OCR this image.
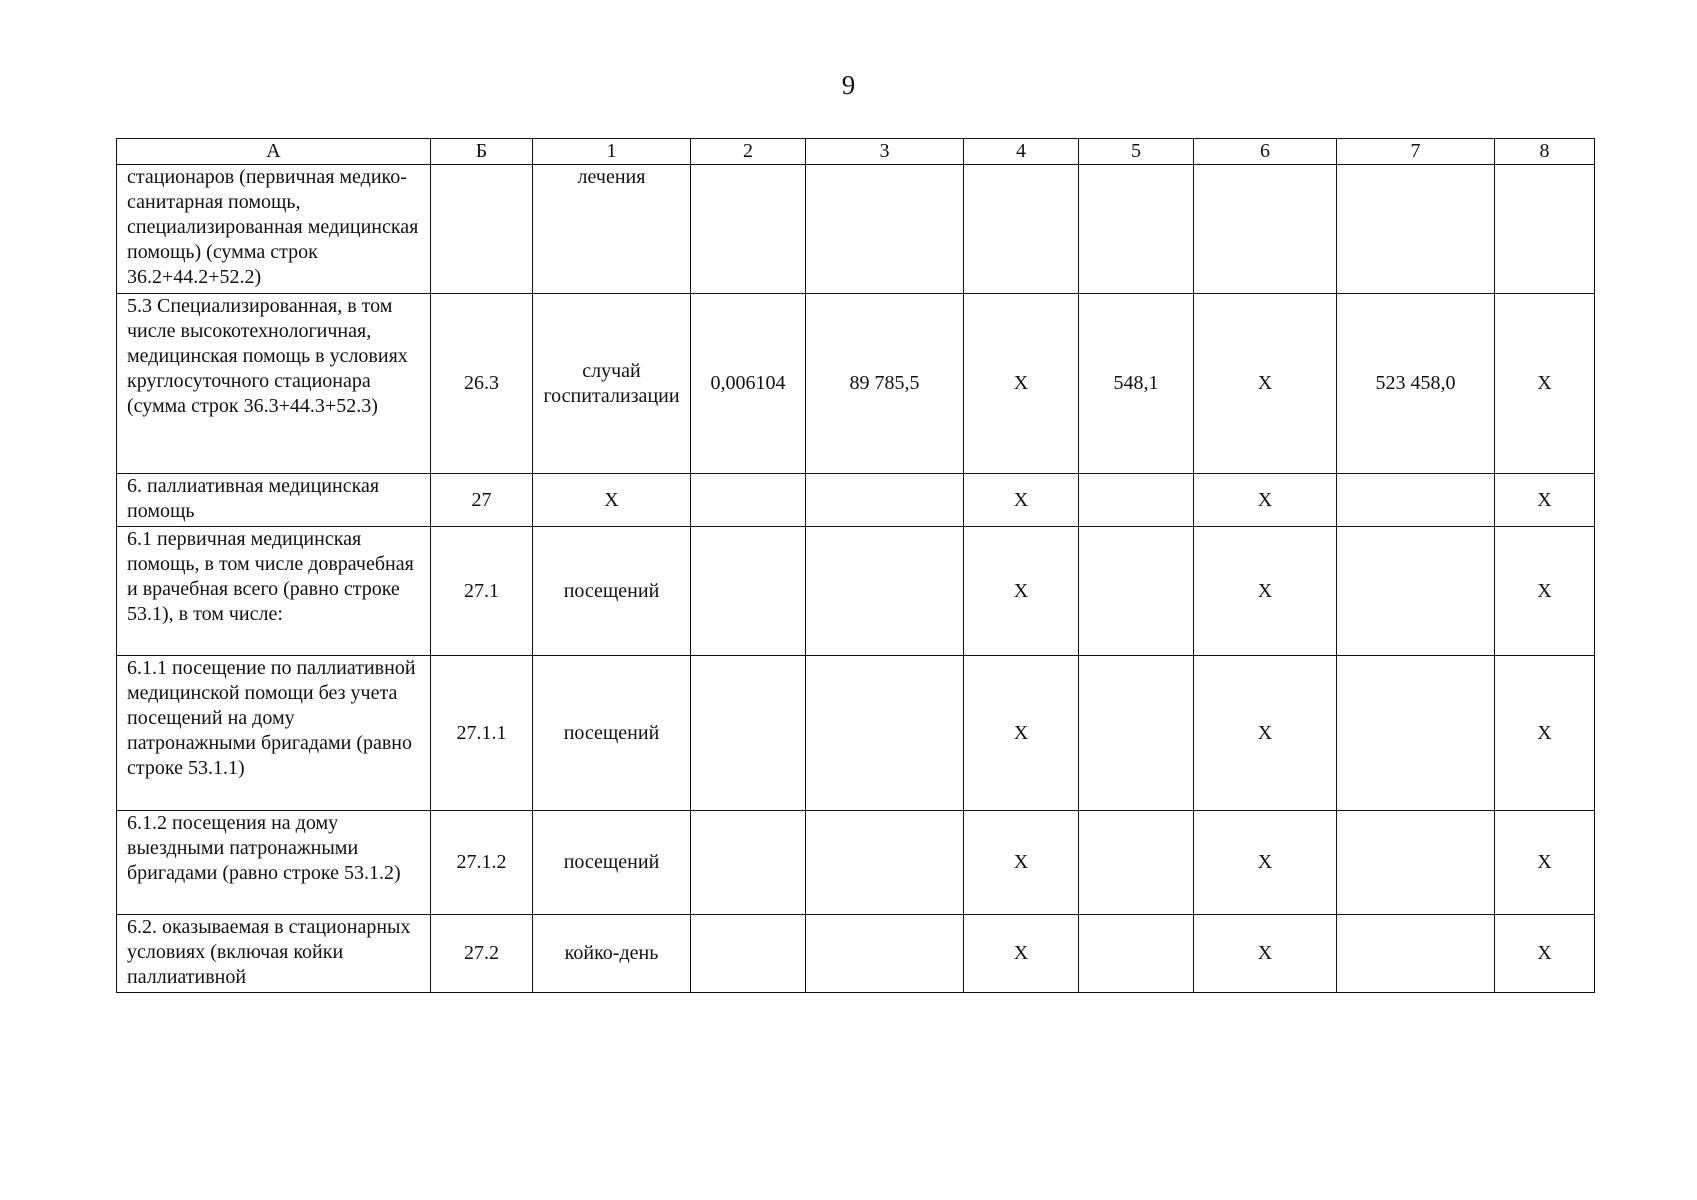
9
А	Б	1	2	3	4	5	6	7	8
стационаров (первичная медико-санитарная помощь, специализированная медицинская помощь) (сумма строк 36.2+44.2+52.2)		лечения							
5.3 Специализированная, в том числе высокотехнологичная, медицинская помощь в условиях круглосуточного стационара (сумма строк 36.3+44.3+52.3)	26.3	случай госпитализации	0,006104	89 785,5	Х	548,1	Х	523 458,0	Х
6. паллиативная медицинская помощь	27	Х			Х		Х		Х
6.1 первичная медицинская помощь, в том числе доврачебная и врачебная всего (равно строке 53.1), в том числе:	27.1	посещений			Х		Х		Х
6.1.1 посещение по паллиативной медицинской помощи без учета посещений на дому патронажными бригадами (равно строке 53.1.1)	27.1.1	посещений			Х		Х		Х
6.1.2 посещения на дому выездными патронажными бригадами (равно строке 53.1.2)	27.1.2	посещений			Х		Х		Х
6.2. оказываемая в стационарных условиях (включая койки паллиативной	27.2	койко-день			Х		Х		Х
